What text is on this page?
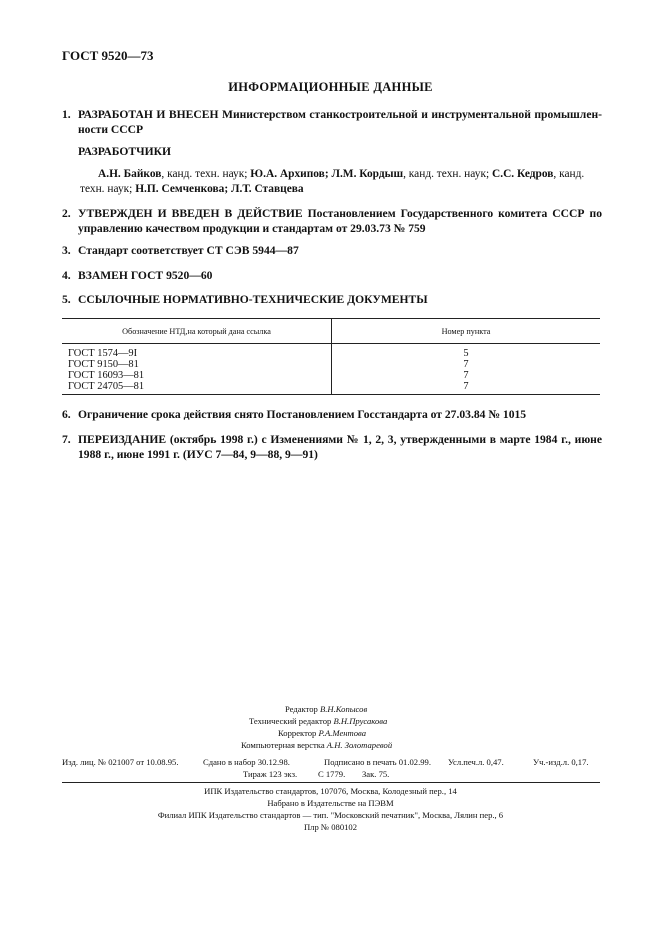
ГОСТ 9520—73
ИНФОРМАЦИОННЫЕ ДАННЫЕ
1. РАЗРАБОТАН И ВНЕСЕН Министерством станкостроительной и инструментальной промышлен-ности СССР
РАЗРАБОТЧИКИ
А.Н. Байков, канд. техн. наук; Ю.А. Архипов; Л.М. Кордыш, канд. техн. наук; С.С. Кедров, канд. техн. наук; Н.П. Семченкова; Л.Т. Ставцева
2. УТВЕРЖДЕН И ВВЕДЕН В ДЕЙСТВИЕ Постановлением Государственного комитета СССР по управлению качеством продукции и стандартам от 29.03.73 № 759
3. Стандарт соответствует СТ СЭВ 5944—87
4. ВЗАМЕН ГОСТ 9520—60
5. ССЫЛОЧНЫЕ НОРМАТИВНО-ТЕХНИЧЕСКИЕ ДОКУМЕНТЫ
Обозначение НТД,на который дана ссылка	Номер пункта
ГОСТ 1574—9I	5
ГОСТ 9150—81	7
ГОСТ 16093—81	7
ГОСТ 24705—81	7
6. Ограничение срока действия снято Постановлением Госстандарта от 27.03.84 № 1015
7. ПЕРЕИЗДАНИЕ (октябрь 1998 г.) с Изменениями № 1, 2, 3, утвержденными в марте 1984 г., июне 1988 г., июне 1991 г. (ИУС 7—84, 9—88, 9—91)
Редактор В.Н.Копысов
Технический редактор В.Н.Прусакова
Корректор Р.А.Ментова
Компьютерная верстка А.Н. Золотаревой
Изд. лиц. № 021007 от 10.08.95.	Сдано в набор 30.12.98.	Подписано в печать 01.02.99. Усл.печ.л. 0,47.	Уч.-изд.л. 0,17.
Тираж 123 экз. С 1779. Зак. 75.
ИПК Издательство стандартов, 107076, Москва, Колодезный пер., 14
Набрано в Издательстве на ПЭВМ
Филиал ИПК Издательство стандартов — тип. "Московский печатник", Москва, Лялин пер., 6
Плр № 080102
